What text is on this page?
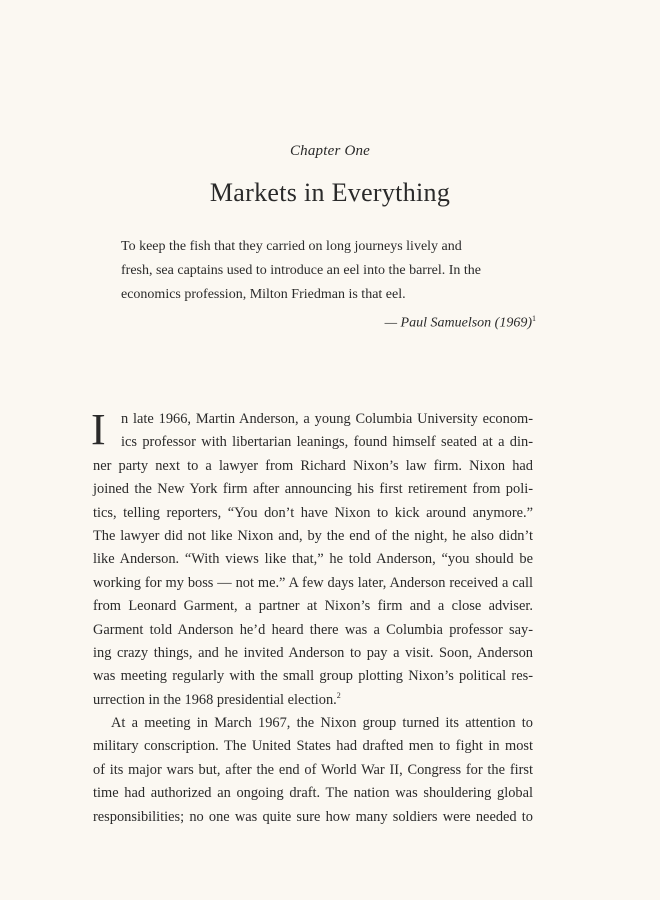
Chapter One
Markets in Everything
To keep the fish that they carried on long journeys lively and
fresh, sea captains used to introduce an eel into the barrel. In the
economics profession, Milton Friedman is that eel.
— Paul Samuelson $(1969)^1$
I	n late 1966, Martin Anderson, a young Columbia University econom-
ics professor with libertarian leanings, found himself seated at a din-
ner party next to a lawyer from Richard Nixon’s law firm. Nixon had
joined the New York firm after announcing his first retirement from poli-
tics, telling reporters, “You don’t have Nixon to kick around anymore.”
The lawyer did not like Nixon and, by the end of the night, he also didn’t
like Anderson. “With views like that,” he told Anderson, “you should be
working for my boss — not me.” A few days later, Anderson received a call
from Leonard Garment, a partner at Nixon’s firm and a close adviser.
Garment told Anderson he’d heard there was a Columbia professor say-
ing crazy things, and he invited Anderson to pay a visit. Soon, Anderson
was meeting regularly with the small group plotting Nixon’s political res-
urrection in the 1968 presidential election.$^2$
At a meeting in March 1967, the Nixon group turned its attention to
military conscription. The United States had drafted men to fight in most
of its major wars but, after the end of World War II, Congress for the first
time had authorized an ongoing draft. The nation was shouldering global
responsibilities; no one was quite sure how many soldiers were needed to
